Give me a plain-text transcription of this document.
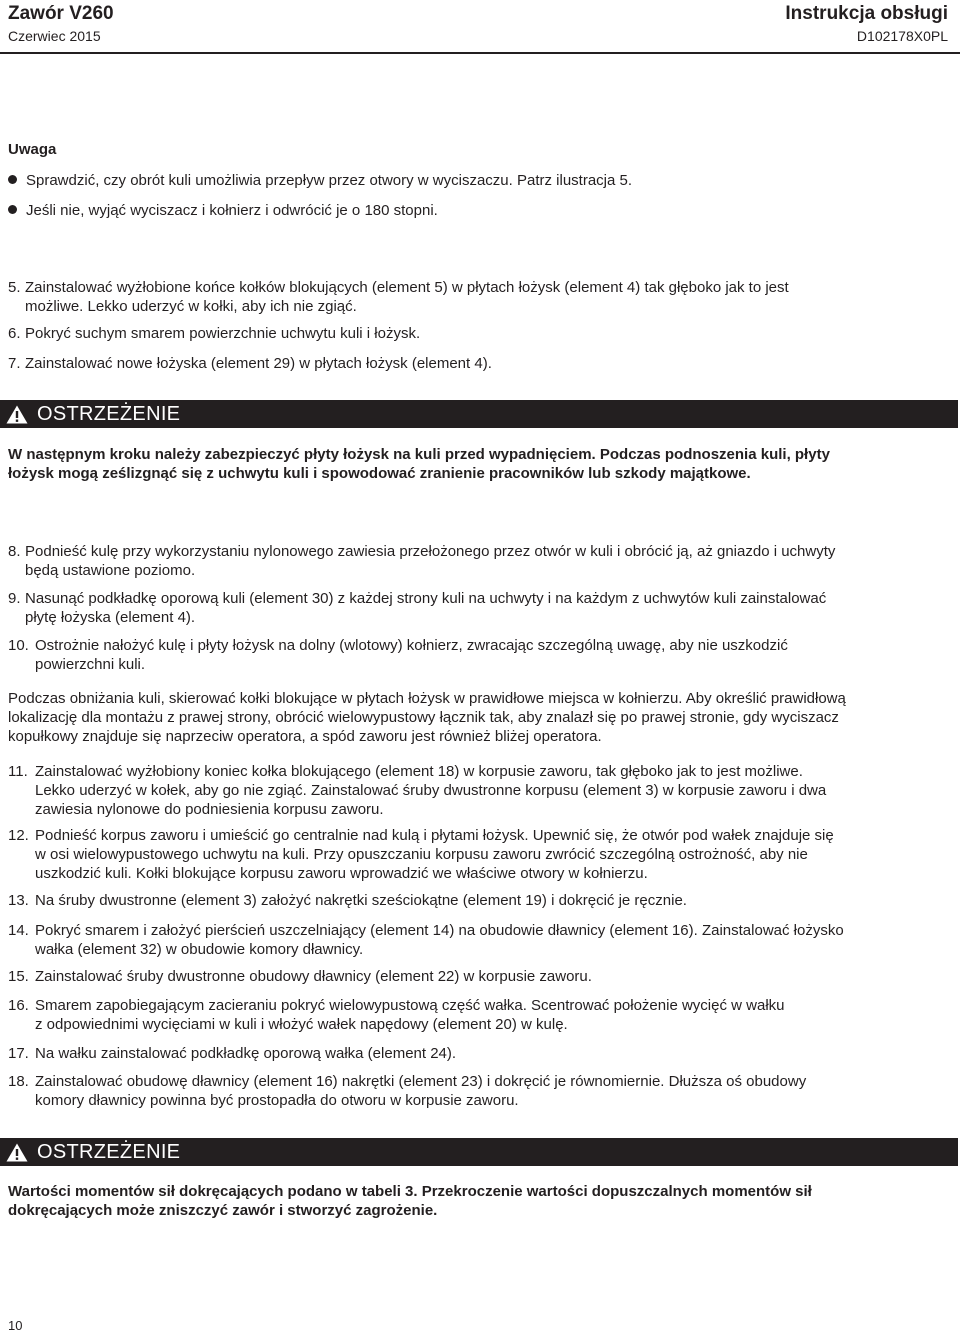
Zawór V260
Czerwiec 2015
Instrukcja obsługi
D102178X0PL
Uwaga
Sprawdzić, czy obrót kuli umożliwia przepływ przez otwory w wyciszaczu. Patrz ilustracja 5.
Jeśli nie, wyjąć wyciszacz i kołnierz i odwrócić je o 180 stopni.
5. Zainstalować wyżłobione końce kołków blokujących (element 5) w płytach łożysk (element 4) tak głęboko jak to jest
możliwe. Lekko uderzyć w kołki, aby ich nie zgiąć.
6. Pokryć suchym smarem powierzchnie uchwytu kuli i łożysk.
7. Zainstalować nowe łożyska (element 29) w płytach łożysk (element 4).
OSTRZEŻENIE
W następnym kroku należy zabezpieczyć płyty łożysk na kuli przed wypadnięciem. Podczas podnoszenia kuli, płyty
łożysk mogą ześlizgnąć się z uchwytu kuli i spowodować zranienie pracowników lub szkody majątkowe.
8. Podnieść kulę przy wykorzystaniu nylonowego zawiesia przełożonego przez otwór w kuli i obrócić ją, aż gniazdo i uchwyty
będą ustawione poziomo.
9. Nasunąć podkładkę oporową kuli (element 30) z każdej strony kuli na uchwyty i na każdym z uchwytów kuli zainstalować
płytę łożyska (element 4).
10. Ostrożnie nałożyć kulę i płyty łożysk na dolny (wlotowy) kołnierz, zwracając szczególną uwagę, aby nie uszkodzić
powierzchni kuli.
Podczas obniżania kuli, skierować kołki blokujące w płytach łożysk w prawidłowe miejsca w kołnierzu. Aby określić prawidłową
lokalizację dla montażu z prawej strony, obrócić wielowypustowy łącznik tak, aby znalazł się po prawej stronie, gdy wyciszacz
kopułkowy znajduje się naprzeciw operatora, a spód zaworu jest również bliżej operatora.
11. Zainstalować wyżłobiony koniec kołka blokującego (element 18) w korpusie zaworu, tak głęboko jak to jest możliwe.
Lekko uderzyć w kołek, aby go nie zgiąć. Zainstalować śruby dwustronne korpusu (element 3) w korpusie zaworu i dwa
zawiesia nylonowe do podniesienia korpusu zaworu.
12. Podnieść korpus zaworu i umieścić go centralnie nad kulą i płytami łożysk. Upewnić się, że otwór pod wałek znajduje się
w osi wielowypustowego uchwytu na kuli. Przy opuszczaniu korpusu zaworu zwrócić szczególną ostrożność, aby nie
uszkodzić kuli. Kołki blokujące korpusu zaworu wprowadzić we właściwe otwory w kołnierzu.
13. Na śruby dwustronne (element 3) założyć nakrętki sześciokątne (element 19) i dokręcić je ręcznie.
14. Pokryć smarem i założyć pierścień uszczelniający (element 14) na obudowie dławnicy (element 16). Zainstalować łożysko
wałka (element 32) w obudowie komory dławnicy.
15. Zainstalować śruby dwustronne obudowy dławnicy (element 22) w korpusie zaworu.
16. Smarem zapobiegającym zacieraniu pokryć wielowypustową część wałka. Scentrować położenie wycięć w wałku
z odpowiednimi wycięciami w kuli i włożyć wałek napędowy (element 20) w kulę.
17. Na wałku zainstalować podkładkę oporową wałka (element 24).
18. Zainstalować obudowę dławnicy (element 16) nakrętki (element 23) i dokręcić je równomiernie. Dłuższa oś obudowy
komory dławnicy powinna być prostopadła do otworu w korpusie zaworu.
OSTRZEŻENIE
Wartości momentów sił dokręcających podano w tabeli 3. Przekroczenie wartości dopuszczalnych momentów sił
dokręcających może zniszczyć zawór i stworzyć zagrożenie.
10
